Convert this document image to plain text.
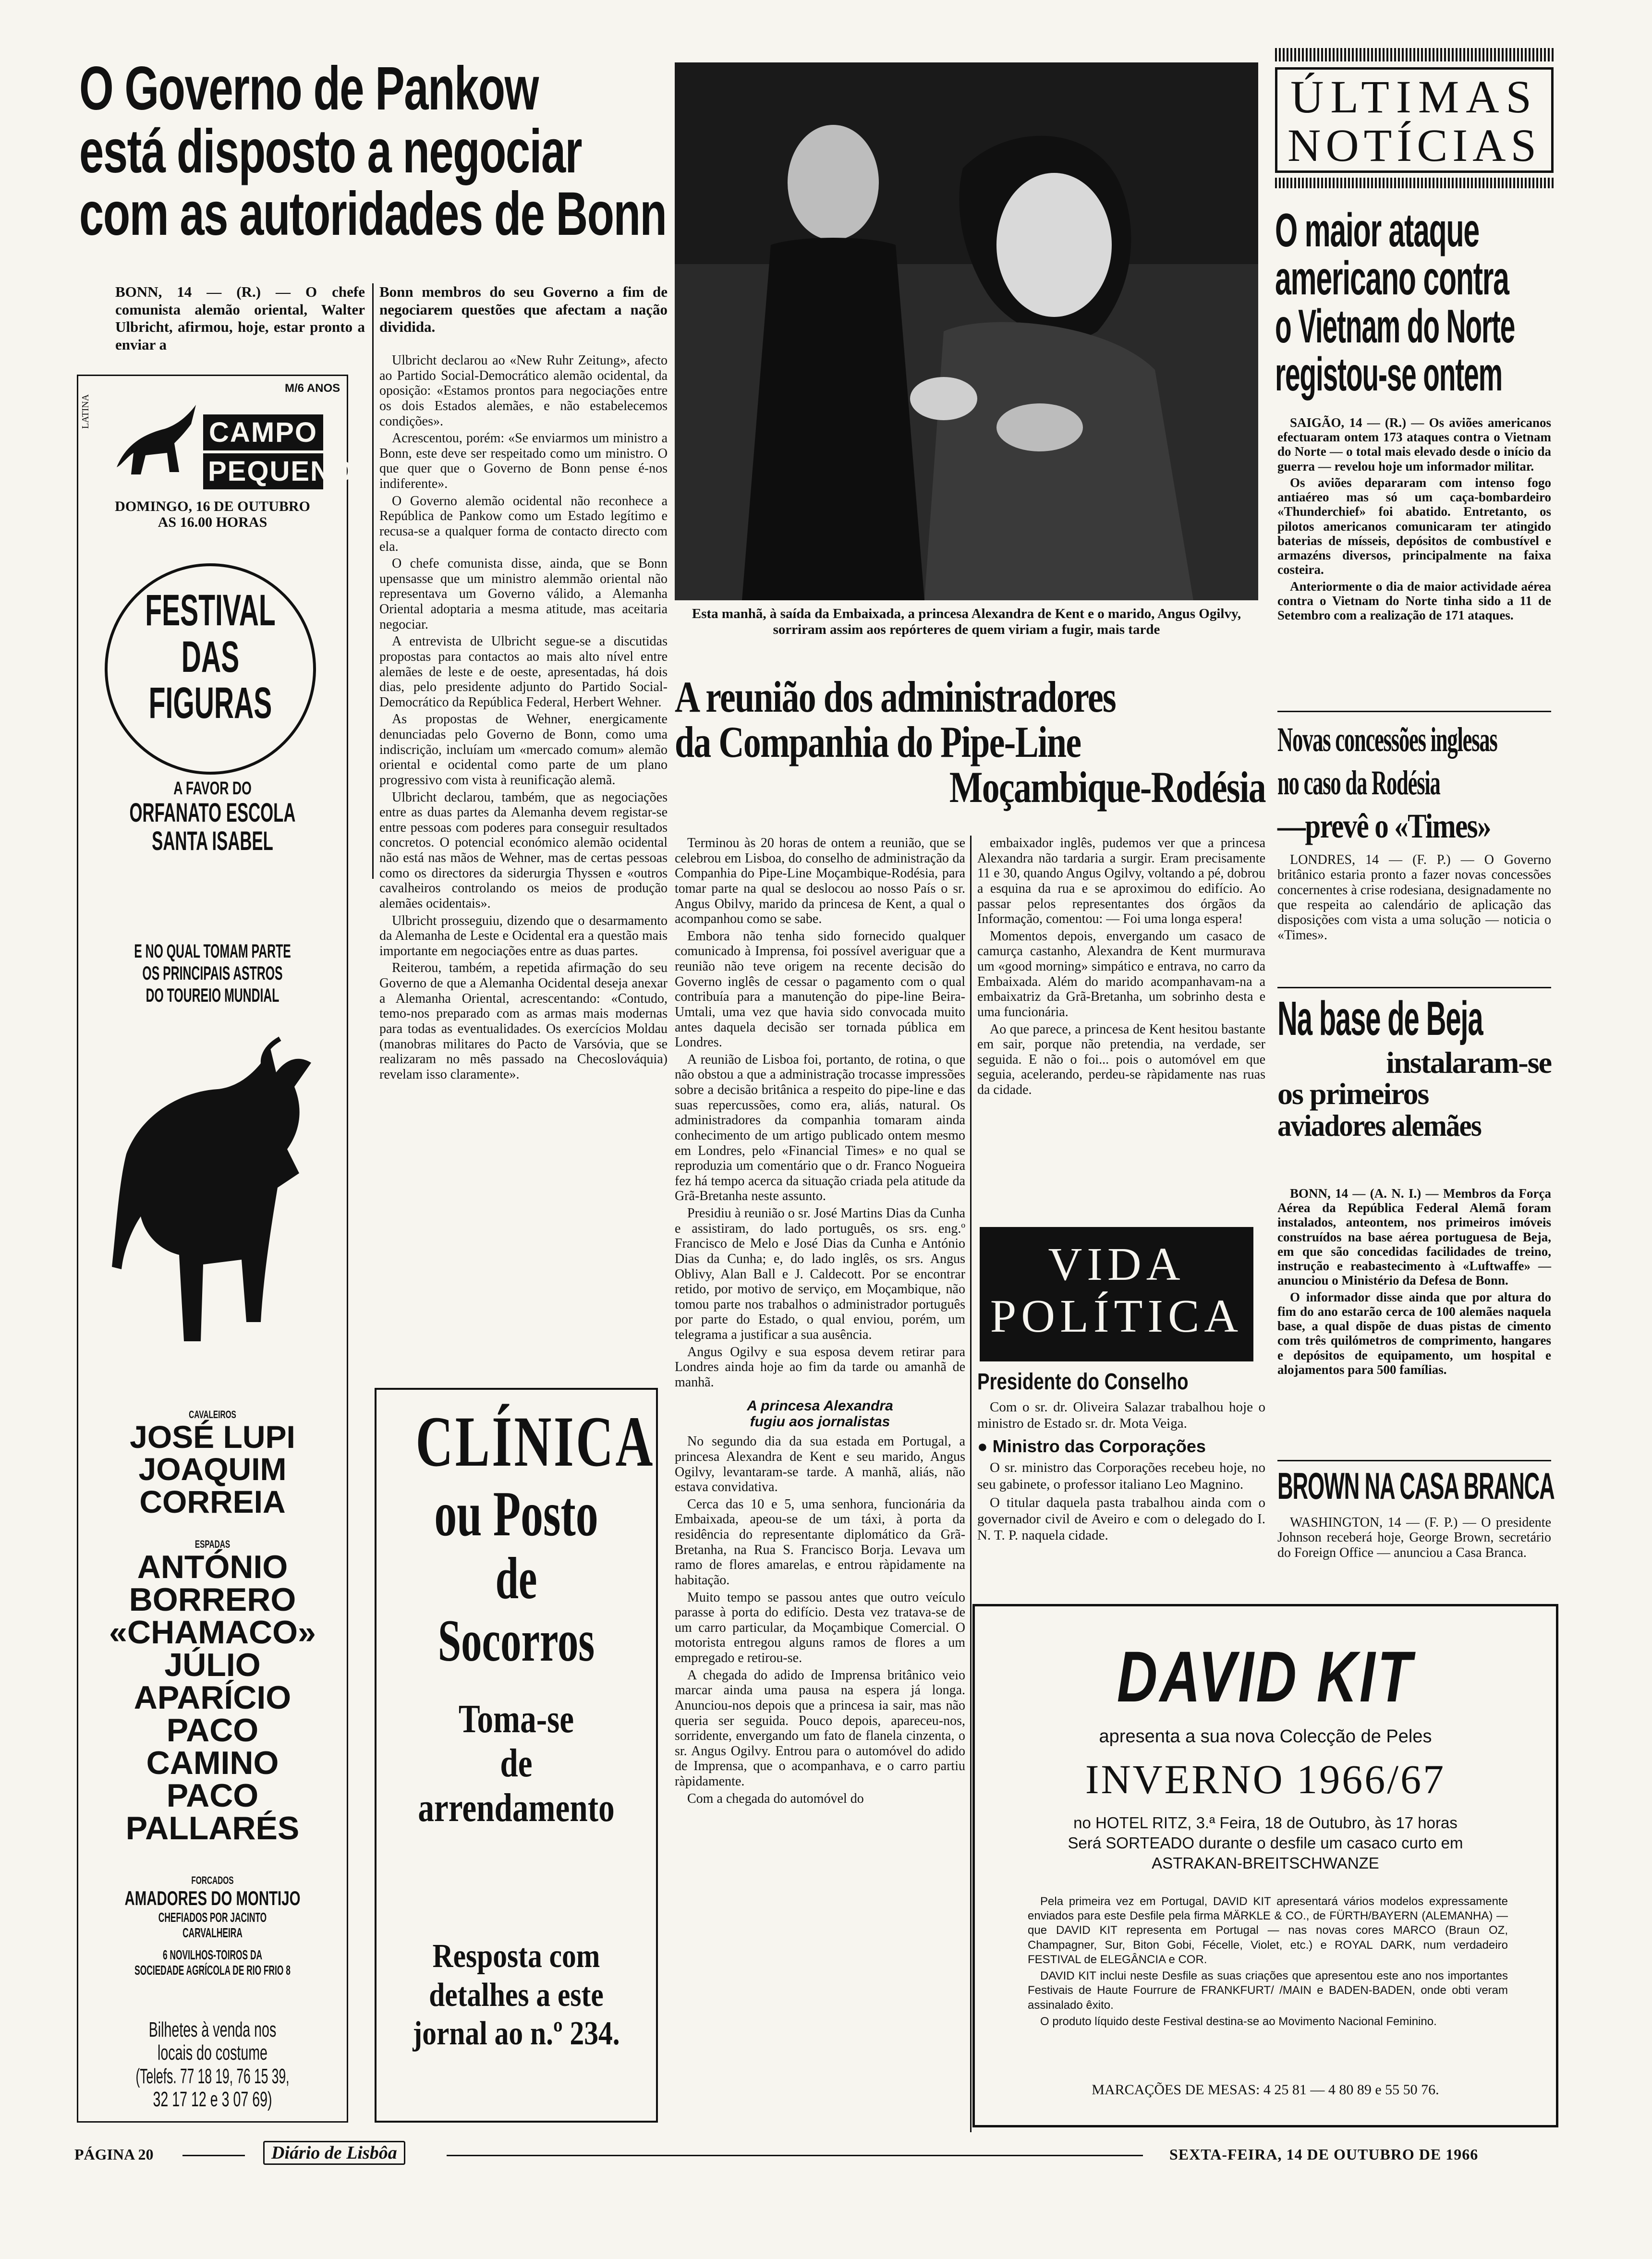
O Governo de Pankow
está disposto a negociar
com as autoridades de Bonn
BONN, 14 — (R.) — O chefe comunista alemão oriental, Walter Ulbricht, afirmou, hoje, estar pronto a enviar a
Bonn membros do seu Governo a fim de negociarem questões que afectam a nação dividida.

Ulbricht declarou ao «New Ruhr Zeitung», afecto ao Partido Social-Democrático alemão ocidental, da oposição: «Estamos prontos para negociações entre os dois Estados alemães, e não estabelecemos condições».

Acrescentou, porém: «Se enviarmos um ministro a Bonn, este deve ser respeitado como um ministro. O que quer que o Governo de Bonn pense é-nos indiferente».

O Governo alemão ocidental não reconhece a República de Pankow como um Estado legítimo e recusa-se a qualquer forma de contacto directo com ela.

O chefe comunista disse, ainda, que se Bonn upensasse que um ministro alemmão oriental não representava um Governo válido, a Alemanha Oriental adoptaria a mesma atitude, mas aceitaria negociar.

A entrevista de Ulbricht segue-se a discutidas propostas para contactos ao mais alto nível entre alemães de leste e de oeste, apresentadas, há dois dias, pelo presidente adjunto do Partido Social-Democrático da República Federal, Herbert Wehner.

As propostas de Wehner, energicamente denunciadas pelo Governo de Bonn, como uma indiscrição, incluíam um «mercado comum» alemão oriental e ocidental como parte de um plano progressivo com vista à reunificação alemã.

Ulbricht declarou, também, que as negociações entre as duas partes da Alemanha devem registar-se entre pessoas com poderes para conseguir resultados concretos. O potencial económico alemão ocidental não está nas mãos de Wehner, mas de certas pessoas como os directores da siderurgia Thyssen e «outros cavalheiros controlando os meios de produção alemães ocidentais».

Ulbricht prosseguiu, dizendo que o desarmamento da Alemanha de Leste e Ocidental era a questão mais importante em negociações entre as duas partes.

Reiterou, também, a repetida afirmação do seu Governo de que a Alemanha Ocidental deseja anexar a Alemanha Oriental, acrescentando: «Contudo, temo-nos preparado com as armas mais modernas para todas as eventualidades. Os exercícios Moldau (manobras militares do Pacto de Varsóvia, que se realizaram no mês passado na Checoslováquia) revelam isso claramente».

LATINA
M/6 ANOS
CAMPO
PEQUENO
DOMINGO, 16 DE OUTUBRO
AS 16.00 HORAS
FESTIVAL
DAS
FIGURAS
A FAVOR DO
ORFANATO ESCOLA
SANTA ISABEL
E NO QUAL TOMAM PARTE
OS PRINCIPAIS ASTROS
DO TOUREIO MUNDIAL
CAVALEIROS
JOSÉ LUPI
JOAQUIM
CORREIA
ESPADAS
ANTÓNIO
BORRERO
«CHAMACO»
JÚLIO
APARÍCIO
PACO
CAMINO
PACO
PALLARÉS
FORCADOS
AMADORES DO MONTIJO
CHEFIADOS POR JACINTO CARVALHEIRA
6 NOVILHOS-TOIROS DA
SOCIEDADE AGRÍCOLA DE RIO FRIO 8
Bilhetes à venda nos
locais do costume
(Telefs. 77 18 19, 76 15 39,
32 17 12 e 3 07 69)
CLÍNICA
ou Posto
de Socorros
Toma-se
de
arrendamento
Resposta com
detalhes a este
jornal ao n.º 234.
Esta manhã, à saída da Embaixada, a princesa Alexandra de Kent e o marido, Angus Ogilvy, sorriram assim aos repórteres de quem viriam a fugir, mais tarde
A reunião dos administradores
da Companhia do Pipe-Line
Moçambique-Rodésia

Terminou às 20 horas de ontem a reunião, que se celebrou em Lisboa, do conselho de administração da Companhia do Pipe-Line Moçambique-Rodésia, para tomar parte na qual se deslocou ao nosso País o sr. Angus Obilvy, marido da princesa de Kent, a qual o acompanhou como se sabe.

Embora não tenha sido fornecido qualquer comunicado à Imprensa, foi possível averiguar que a reunião não teve origem na recente decisão do Governo inglês de cessar o pagamento com o qual contribuía para a manutenção do pipe-line Beira-Umtali, uma vez que havia sido convocada muito antes daquela decisão ser tornada pública em Londres.

A reunião de Lisboa foi, portanto, de rotina, o que não obstou a que a administração trocasse impressões sobre a decisão britânica a respeito do pipe-line e das suas repercussões, como era, aliás, natural. Os administradores da companhia tomaram ainda conhecimento de um artigo publicado ontem mesmo em Londres, pelo «Financial Times» e no qual se reproduzia um comentário que o dr. Franco Nogueira fez há tempo acerca da situação criada pela atitude da Grã-Bretanha neste assunto.

Presidiu à reunião o sr. José Martins Dias da Cunha e assistiram, do lado português, os srs. eng.º Francisco de Melo e José Dias da Cunha e António Dias da Cunha; e, do lado inglês, os srs. Angus Oblivy, Alan Ball e J. Caldecott. Por se encontrar retido, por motivo de serviço, em Moçambique, não tomou parte nos trabalhos o administrador português por parte do Estado, o qual enviou, porém, um telegrama a justificar a sua ausência.

Angus Ogilvy e sua esposa devem retirar para Londres ainda hoje ao fim da tarde ou amanhã de manhã.

A princesa Alexandra
fugiu aos jornalistas

No segundo dia da sua estada em Portugal, a princesa Alexandra de Kent e seu marido, Angus Ogilvy, levantaram-se tarde. A manhã, aliás, não estava convidativa.

Cerca das 10 e 5, uma senhora, funcionária da Embaixada, apeou-se de um táxi, à porta da residência do representante diplomático da Grã-Bretanha, na Rua S. Francisco Borja. Levava um ramo de flores amarelas, e entrou ràpidamente na habitação.

Muito tempo se passou antes que outro veículo parasse à porta do edifício. Desta vez tratava-se de um carro particular, da Moçambique Comercial. O motorista entregou alguns ramos de flores a um empregado e retirou-se.

A chegada do adido de Imprensa britânico veio marcar ainda uma pausa na espera já longa. Anunciou-nos depois que a princesa ia sair, mas não queria ser seguida. Pouco depois, apareceu-nos, sorridente, envergando um fato de flanela cinzenta, o sr. Angus Ogilvy. Entrou para o automóvel do adido de Imprensa, que o acompanhava, e o carro partiu ràpidamente.

Com a chegada do automóvel do

embaixador inglês, pudemos ver que a princesa Alexandra não tardaria a surgir. Eram precisamente 11 e 30, quando Angus Ogilvy, voltando a pé, dobrou a esquina da rua e se aproximou do edifício. Ao passar pelos representantes dos órgãos da Informação, comentou: — Foi uma longa espera!

Momentos depois, envergando um casaco de camurça castanho, Alexandra de Kent murmurava um «good morning» simpático e entrava, no carro da Embaixada. Além do marido acompanhavam-na a embaixatriz da Grã-Bretanha, um sobrinho desta e uma funcionária.

Ao que parece, a princesa de Kent hesitou bastante em sair, porque não pretendia, na verdade, ser seguida. E não o foi... pois o automóvel em que seguia, acelerando, perdeu-se ràpidamente nas ruas da cidade.

VIDA
POLÍTICA
Presidente do Conselho

Com o sr. dr. Oliveira Salazar trabalhou hoje o ministro de Estado sr. dr. Mota Veiga.

● Ministro das Corporações

O sr. ministro das Corporações recebeu hoje, no seu gabinete, o professor italiano Leo Magnino.

O titular daquela pasta trabalhou ainda com o governador civil de Aveiro e com o delegado do I. N. T. P. naquela cidade.

ÚLTIMAS
NOTÍCIAS
O maior ataque
americano contra
o Vietnam do Norte
registou-se ontem

SAIGÃO, 14 — (R.) — Os aviões americanos efectuaram ontem 173 ataques contra o Vietnam do Norte — o total mais elevado desde o início da guerra — revelou hoje um informador militar.

Os aviões depararam com intenso fogo antiaéreo mas só um caça-bombardeiro «Thunderchief» foi abatido. Entretanto, os pilotos americanos comunicaram ter atingido baterias de mísseis, depósitos de combustível e armazéns diversos, principalmente na faixa costeira.

Anteriormente o dia de maior actividade aérea contra o Vietnam do Norte tinha sido a 11 de Setembro com a realização de 171 ataques.

Novas concessões inglesas
no caso da Rodésia
—prevê o «Times»

LONDRES, 14 — (F. P.) — O Governo britânico estaria pronto a fazer novas concessões concernentes à crise rodesiana, designadamente no que respeita ao calendário de aplicação das disposições com vista a uma solução — noticia o «Times».

Na base de Beja
instalaram-se
os primeiros
aviadores alemães

BONN, 14 — (A. N. I.) — Membros da Força Aérea da República Federal Alemã foram instalados, anteontem, nos primeiros imóveis construídos na base aérea portuguesa de Beja, em que são concedidas facilidades de treino, instrução e reabastecimento à «Luftwaffe» — anunciou o Ministério da Defesa de Bonn.

O informador disse ainda que por altura do fim do ano estarão cerca de 100 alemães naquela base, a qual dispõe de duas pistas de cimento com três quilómetros de comprimento, hangares e depósitos de equipamento, um hospital e alojamentos para 500 famílias.

BROWN NA CASA BRANCA

WASHINGTON, 14 — (F. P.) — O presidente Johnson receberá hoje, George Brown, secretário do Foreign Office — anunciou a Casa Branca.

DAVID KIT
apresenta a sua nova Colecção de Peles
INVERNO 1966/67
no HOTEL RITZ, 3.ª Feira, 18 de Outubro, às 17 horas
Será SORTEADO durante o desfile um casaco curto em
ASTRAKAN-BREITSCHWANZE

Pela primeira vez em Portugal, DAVID KIT apresentará vários modelos expressamente enviados para este Desfile pela firma MÄRKLE & CO., de FÜRTH/BAYERN (ALEMANHA) — que DAVID KIT representa em Portugal — nas novas cores MARCO (Braun OZ, Champagner, Sur, Biton Gobi, Fécelle, Violet, etc.) e ROYAL DARK, num verdadeiro FESTIVAL de ELEGÂNCIA e COR.

DAVID KIT inclui neste Desfile as suas criações que apresentou este ano nos importantes Festivais de Haute Fourrure de FRANKFURT/ /MAIN e BADEN-BADEN, onde obti veram assinalado êxito.

O produto líquido deste Festival destina-se ao Movimento Nacional Feminino.

MARCAÇÕES DE MESAS: 4 25 81 — 4 80 89 e 55 50 76.
PÁGINA 20	Diário de Lisbôa	SEXTA-FEIRA, 14 DE OUTUBRO DE 1966
